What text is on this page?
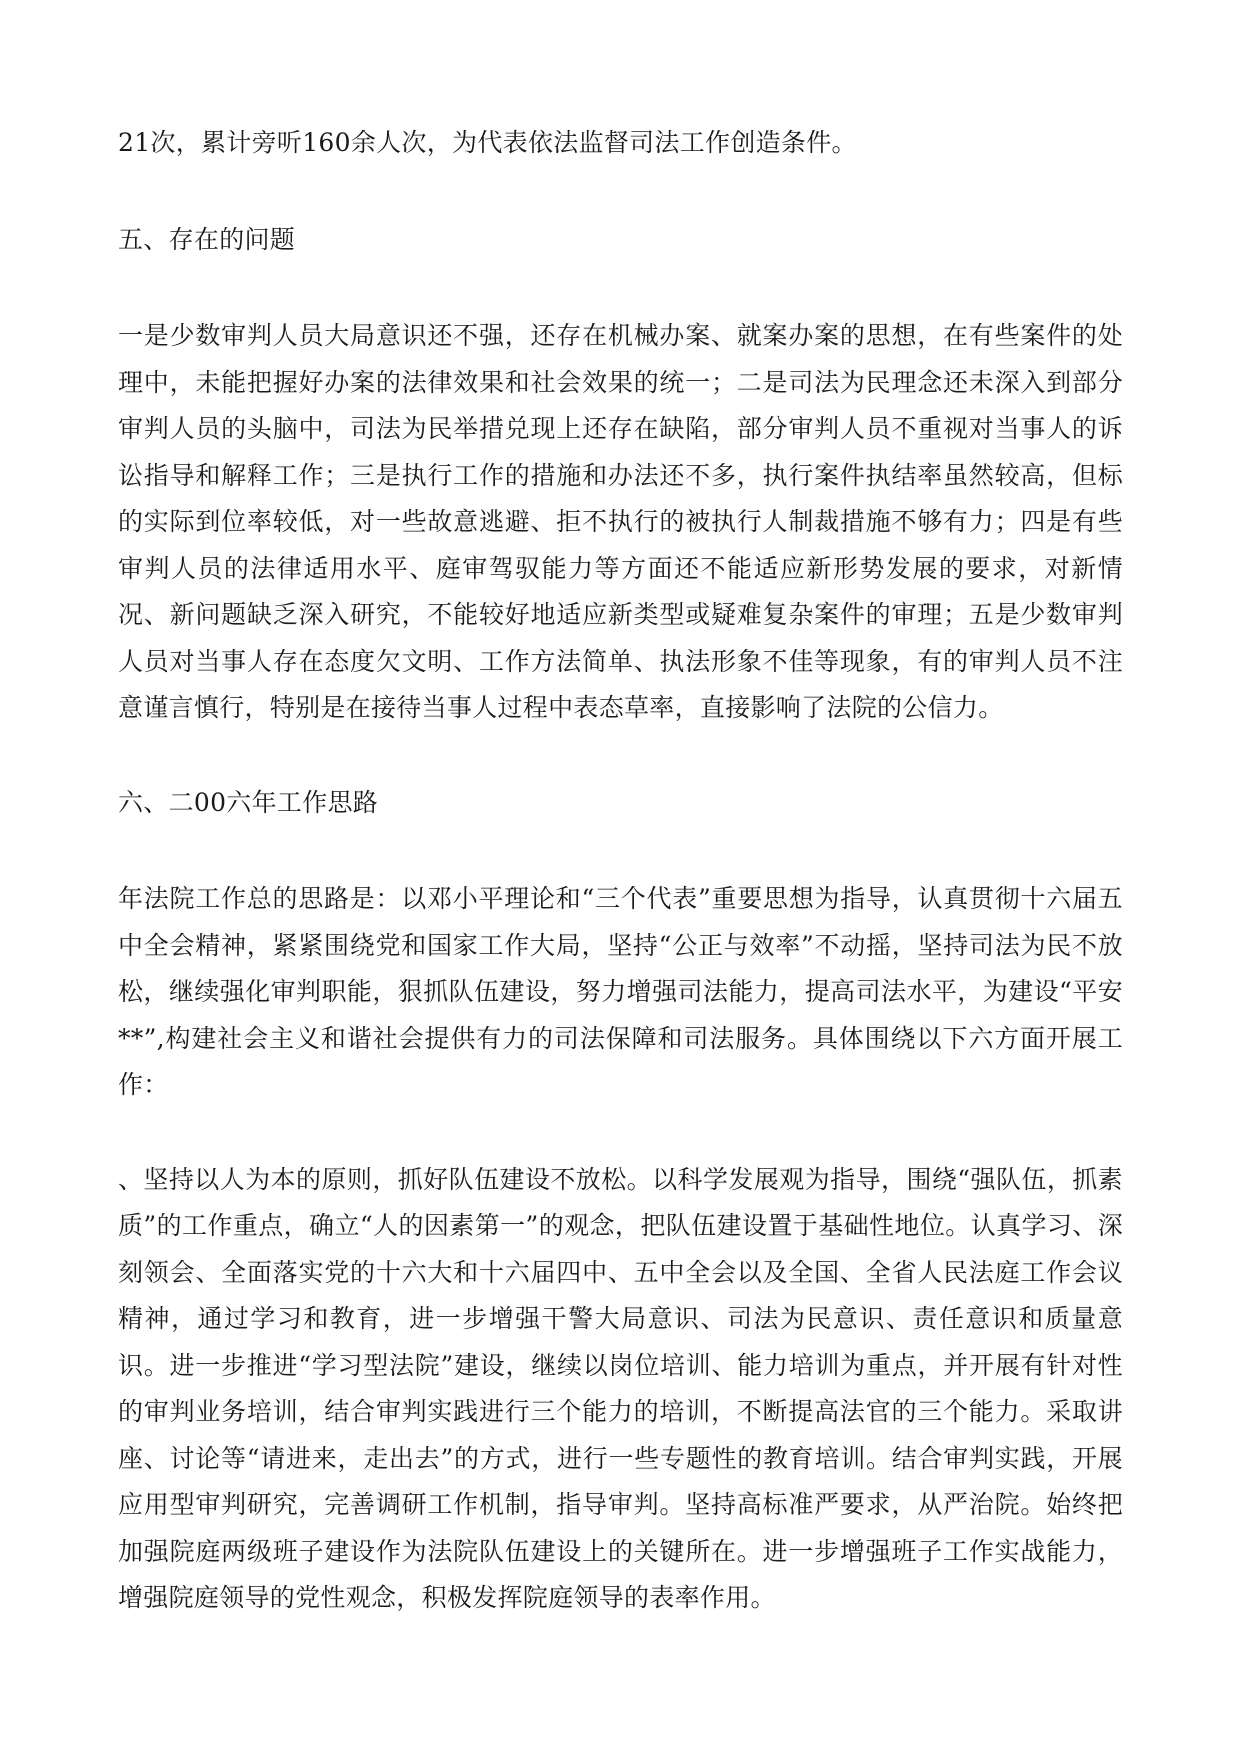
21次，累计旁听160余人次，为代表依法监督司法工作创造条件。

五、存在的问题

一是少数审判人员大局意识还不强，还存在机械办案、就案办案的思想，在有些案件的处理中，未能把握好办案的法律效果和社会效果的统一；二是司法为民理念还未深入到部分审判人员的头脑中，司法为民举措兑现上还存在缺陷，部分审判人员不重视对当事人的诉讼指导和解释工作；三是执行工作的措施和办法还不多，执行案件执结率虽然较高，但标的实际到位率较低，对一些故意逃避、拒不执行的被执行人制裁措施不够有力；四是有些审判人员的法律适用水平、庭审驾驭能力等方面还不能适应新形势发展的要求，对新情况、新问题缺乏深入研究，不能较好地适应新类型或疑难复杂案件的审理；五是少数审判人员对当事人存在态度欠文明、工作方法简单、执法形象不佳等现象，有的审判人员不注意谨言慎行，特别是在接待当事人过程中表态草率，直接影响了法院的公信力。

六、二00六年工作思路

年法院工作总的思路是：以邓小平理论和“三个代表”重要思想为指导，认真贯彻十六届五中全会精神，紧紧围绕党和国家工作大局，坚持“公正与效率”不动摇，坚持司法为民不放松，继续强化审判职能，狠抓队伍建设，努力增强司法能力，提高司法水平，为建设“平安**”,构建社会主义和谐社会提供有力的司法保障和司法服务。具体围绕以下六方面开展工作：

、坚持以人为本的原则，抓好队伍建设不放松。以科学发展观为指导，围绕“强队伍，抓素质”的工作重点，确立“人的因素第一”的观念，把队伍建设置于基础性地位。认真学习、深刻领会、全面落实党的十六大和十六届四中、五中全会以及全国、全省人民法庭工作会议精神，通过学习和教育，进一步增强干警大局意识、司法为民意识、责任意识和质量意识。进一步推进“学习型法院”建设，继续以岗位培训、能力培训为重点，并开展有针对性的审判业务培训，结合审判实践进行三个能力的培训，不断提高法官的三个能力。采取讲座、讨论等“请进来，走出去”的方式，进行一些专题性的教育培训。结合审判实践，开展应用型审判研究，完善调研工作机制，指导审判。坚持高标准严要求，从严治院。始终把加强院庭两级班子建设作为法院队伍建设上的关键所在。进一步增强班子工作实战能力，增强院庭领导的党性观念，积极发挥院庭领导的表率作用。
